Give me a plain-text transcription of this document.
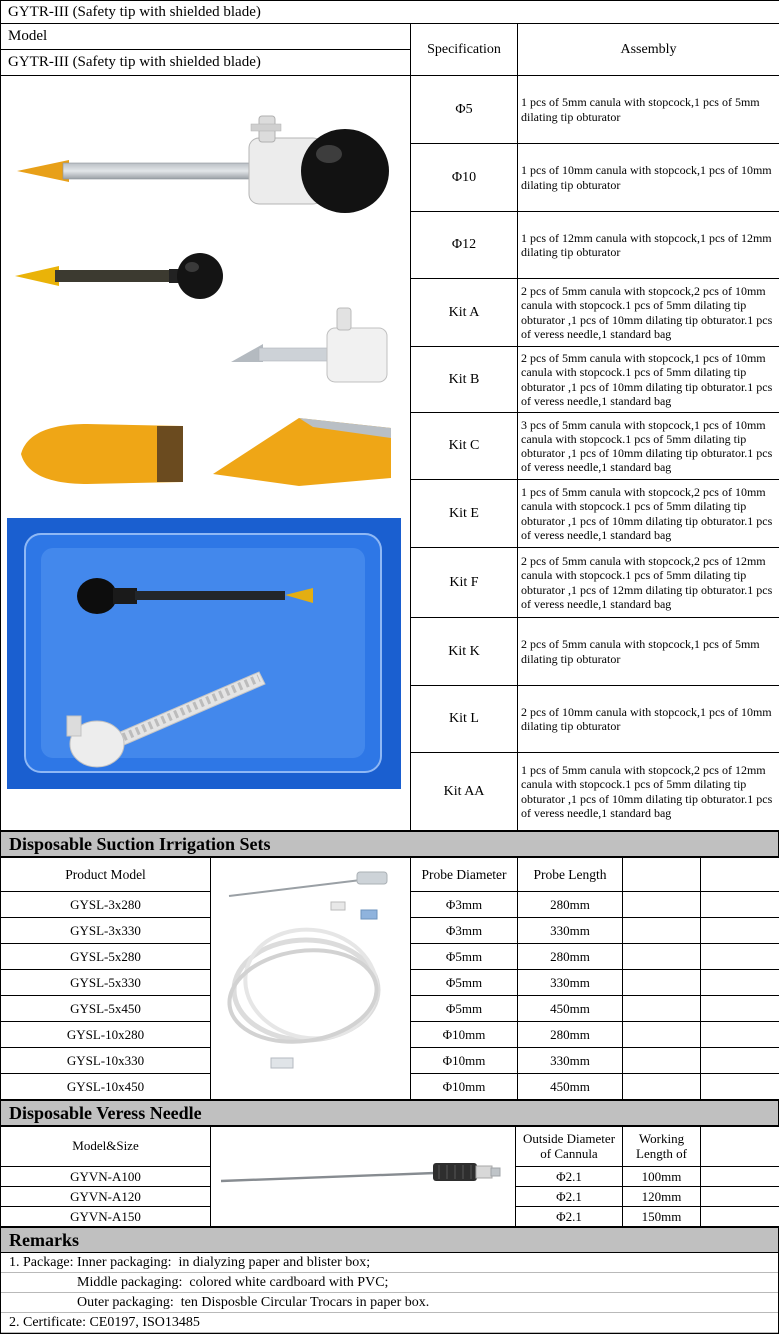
GYTR-III (Safety tip with shielded blade)		
Model	Specification	Assembly
GYTR-III (Safety tip with shielded blade)		

	Φ5	1 pcs of 5mm canula with stopcock,1 pcs of 5mm dilating tip obturator
	Φ10	1 pcs of 10mm canula with stopcock,1 pcs of 10mm dilating tip obturator
	Φ12	1 pcs of 12mm canula with stopcock,1 pcs of 12mm dilating tip obturator
	Kit A	2 pcs of 5mm canula with stopcock,2 pcs of 10mm canula with stopcock.1 pcs of 5mm dilating tip obturator ,1 pcs of 10mm dilating tip obturator.1 pcs of veress needle,1 standard bag
	Kit B	2 pcs of 5mm canula with stopcock,1 pcs of 10mm canula with stopcock.1 pcs of 5mm dilating tip obturator ,1 pcs of 10mm dilating tip obturator.1 pcs of veress needle,1 standard bag
	Kit C	3 pcs of 5mm canula with stopcock,1 pcs of 10mm canula with stopcock.1 pcs of 5mm dilating tip obturator ,1 pcs of 10mm dilating tip obturator.1 pcs of veress needle,1 standard bag
	Kit E	1 pcs of 5mm canula with stopcock,2 pcs of 10mm canula with stopcock.1 pcs of 5mm dilating tip obturator ,1 pcs of 10mm dilating tip obturator.1 pcs of veress needle,1 standard bag
	Kit F	2 pcs of 5mm canula with stopcock,2 pcs of 12mm canula with stopcock.1 pcs of 5mm dilating tip obturator ,1 pcs of 12mm dilating tip obturator.1 pcs of veress needle,1 standard bag
	Kit K	2 pcs of 5mm canula with stopcock,1 pcs of 5mm dilating tip obturator
	Kit L	2 pcs of 10mm canula with stopcock,1 pcs of 10mm dilating tip obturator
	Kit AA	1 pcs of 5mm canula with stopcock,2 pcs of 12mm canula with stopcock.1 pcs of 5mm dilating tip obturator ,1 pcs of 10mm dilating tip obturator.1 pcs of veress needle,1 standard bag
Disposable Suction Irrigation Sets
Product Model		Probe Diameter	Probe Length		
GYSL-3x280		Φ3mm	280mm		
GYSL-3x330		Φ3mm	330mm		
GYSL-5x280		Φ5mm	280mm		
GYSL-5x330		Φ5mm	330mm		
GYSL-5x450		Φ5mm	450mm		
GYSL-10x280		Φ10mm	280mm		
GYSL-10x330		Φ10mm	330mm		
GYSL-10x450		Φ10mm	450mm		
Disposable Veress Needle
Model&Size		Outside Diameter of Cannula	Working Length of	
GYVN-A100		Φ2.1	100mm	
GYVN-A120		Φ2.1	120mm	
GYVN-A150		Φ2.1	150mm	
Remarks
1. Package: Inner packaging:  in dialyzing paper and blister box;
Middle packaging:  colored white cardboard with PVC;
Outer packaging:  ten Disposble Circular Trocars in paper box.
2. Certificate: CE0197, ISO13485
